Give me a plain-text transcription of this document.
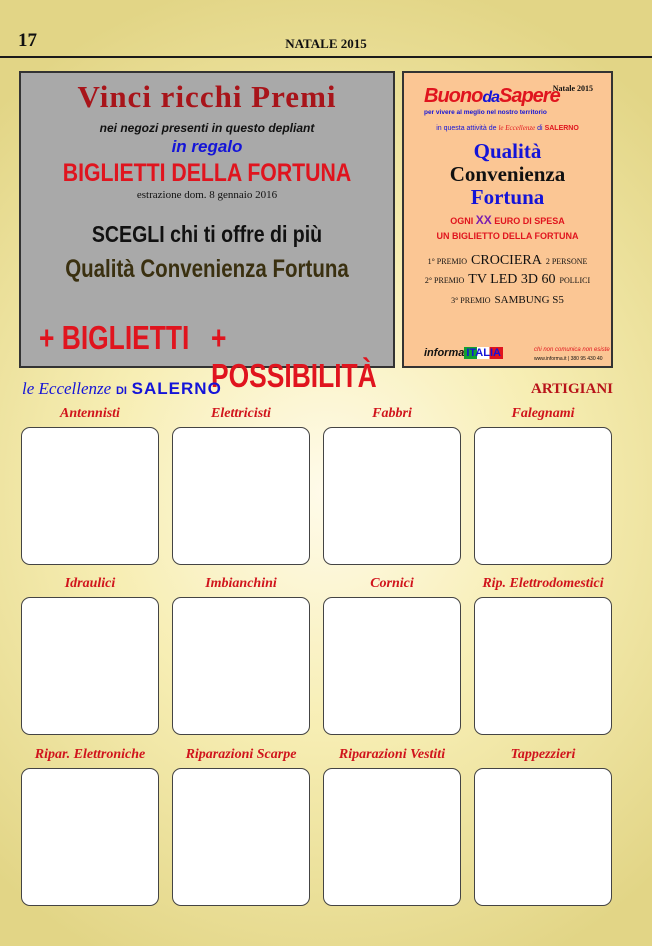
17	NATALE 2015
Vinci ricchi Premi
nei negozi presenti in questo depliant
in regalo
BIGLIETTI DELLA FORTUNA
estrazione dom. 8 gennaio 2016
SCEGLI chi ti offre di più
Qualità Convenienza Fortuna
+ BIGLIETTI + POSSIBILITÀ
BuonodaSapere
Natale 2015
per vivere al meglio nel nostro territorio
in questa attività de le Eccellenze di SALERNO
Qualità
Convenienza
Fortuna
OGNI XX EURO DI SPESA
UN BIGLIETTO DELLA FORTUNA
1° PREMIO CROCIERA 2 PERSONE
2° PREMIO TV LED 3D 60 POLLICI
3° PREMIO SAMBUNG S5
informa ITALIA	chi non comunica non esiste
www.informa.it | 380 95 430 40
le Eccellenze DI SALERNO	ARTIGIANI
Antennisti	Elettricisti	Fabbri	Falegnami
Idraulici	Imbianchini	Cornici	Rip. Elettrodomestici
Ripar. Elettroniche	Riparazioni Scarpe	Riparazioni Vestiti	Tappezzieri
